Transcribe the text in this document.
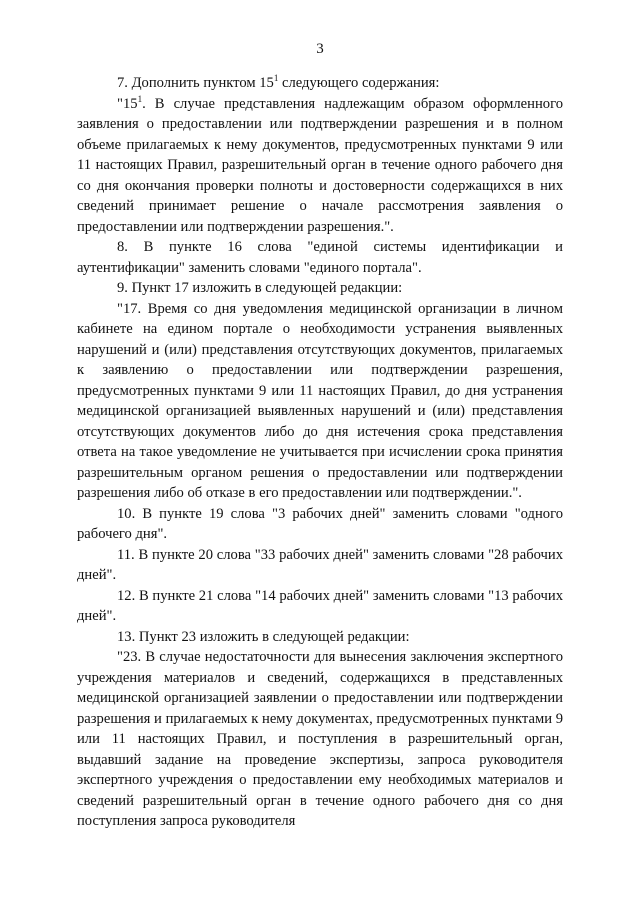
3

7. Дополнить пунктом $15^1$ следующего содержания:

"$15^1$. В случае представления надлежащим образом оформленного заявления о предоставлении или подтверждении разрешения и в полном объеме прилагаемых к нему документов, предусмотренных пунктами 9 или 11 настоящих Правил, разрешительный орган в течение одного рабочего дня со дня окончания проверки полноты и достоверности содержащихся в них сведений принимает решение о начале рассмотрения заявления о предоставлении или подтверждении разрешения.".

8. В пункте 16 слова "единой системы идентификации и аутентификации" заменить словами "единого портала".

9. Пункт 17 изложить в следующей редакции:

"17. Время со дня уведомления медицинской организации в личном кабинете на едином портале о необходимости устранения выявленных нарушений и (или) представления отсутствующих документов, прилагаемых к заявлению о предоставлении или подтверждении разрешения, предусмотренных пунктами 9 или 11 настоящих Правил, до дня устранения медицинской организацией выявленных нарушений и (или) представления отсутствующих документов либо до дня истечения срока представления ответа на такое уведомление не учитывается при исчислении срока принятия разрешительным органом решения о предоставлении или подтверждении разрешения либо об отказе в его предоставлении или подтверждении.".

10. В пункте 19 слова "3 рабочих дней" заменить словами "одного рабочего дня".

11. В пункте 20 слова "33 рабочих дней" заменить словами "28 рабочих дней".

12. В пункте 21 слова "14 рабочих дней" заменить словами "13 рабочих дней".

13. Пункт 23 изложить в следующей редакции:

"23. В случае недостаточности для вынесения заключения экспертного учреждения материалов и сведений, содержащихся в представленных медицинской организацией заявлении о предоставлении или подтверждении разрешения и прилагаемых к нему документах, предусмотренных пунктами 9 или 11 настоящих Правил, и поступления в разрешительный орган, выдавший задание на проведение экспертизы, запроса руководителя экспертного учреждения о предоставлении ему необходимых материалов и сведений разрешительный орган в течение одного рабочего дня со дня поступления запроса руководителя
